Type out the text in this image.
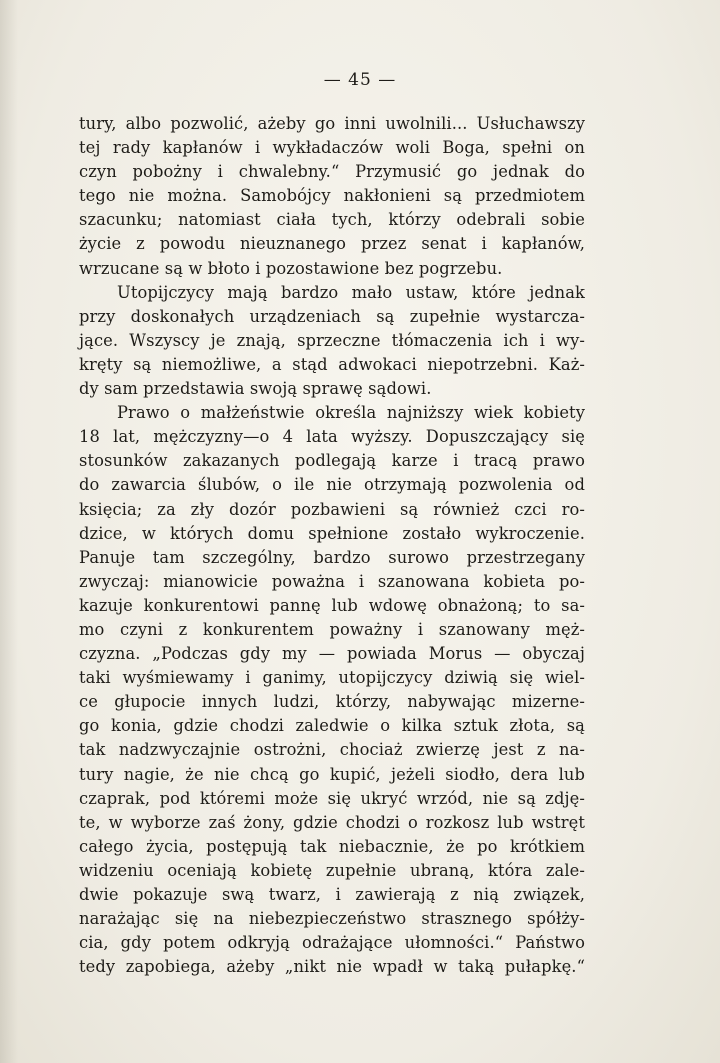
— 45 —
tury, albo pozwolić, ażeby go inni uwolnili... Usłuchawszy
tej rady kapłanów i wykładaczów woli Boga, spełni on
czyn pobożny i chwalebny.“ Przymusić go jednak do
tego nie można. Samobójcy nakłonieni są przedmiotem
szacunku; natomiast ciała tych, którzy odebrali sobie
życie z powodu nieuznanego przez senat i kapłanów,
wrzucane są w błoto i pozostawione bez pogrzebu.
Utopijczycy mają bardzo mało ustaw, które jednak
przy doskonałych urządzeniach są zupełnie wystarcza-
jące. Wszyscy je znają, sprzeczne tłómaczenia ich i wy-
kręty są niemożliwe, a stąd adwokaci niepotrzebni. Każ-
dy sam przedstawia swoją sprawę sądowi.
Prawo o małżeństwie określa najniższy wiek kobiety
18 lat, mężczyzny—o 4 lata wyższy. Dopuszczający się
stosunków zakazanych podlegają karze i tracą prawo
do zawarcia ślubów, o ile nie otrzymają pozwolenia od
księcia; za zły dozór pozbawieni są również czci ro-
dzice, w których domu spełnione zostało wykroczenie.
Panuje tam szczególny, bardzo surowo przestrzegany
zwyczaj: mianowicie poważna i szanowana kobieta po-
kazuje konkurentowi pannę lub wdowę obnażoną; to sa-
mo czyni z konkurentem poważny i szanowany męż-
czyzna. „Podczas gdy my — powiada Morus — obyczaj
taki wyśmiewamy i ganimy, utopijczycy dziwią się wiel-
ce głupocie innych ludzi, którzy, nabywając mizerne-
go konia, gdzie chodzi zaledwie o kilka sztuk złota, są
tak nadzwyczajnie ostrożni, chociaż zwierzę jest z na-
tury nagie, że nie chcą go kupić, jeżeli siodło, dera lub
czaprak, pod któremi może się ukryć wrzód, nie są zdję-
te, w wyborze zaś żony, gdzie chodzi o rozkosz lub wstręt
całego życia, postępują tak niebacznie, że po krótkiem
widzeniu oceniają kobietę zupełnie ubraną, która zale-
dwie pokazuje swą twarz, i zawierają z nią związek,
narażając się na niebezpieczeństwo strasznego spółży-
cia, gdy potem odkryją odrażające ułomności.“ Państwo
tedy zapobiega, ażeby „nikt nie wpadł w taką pułapkę.“
